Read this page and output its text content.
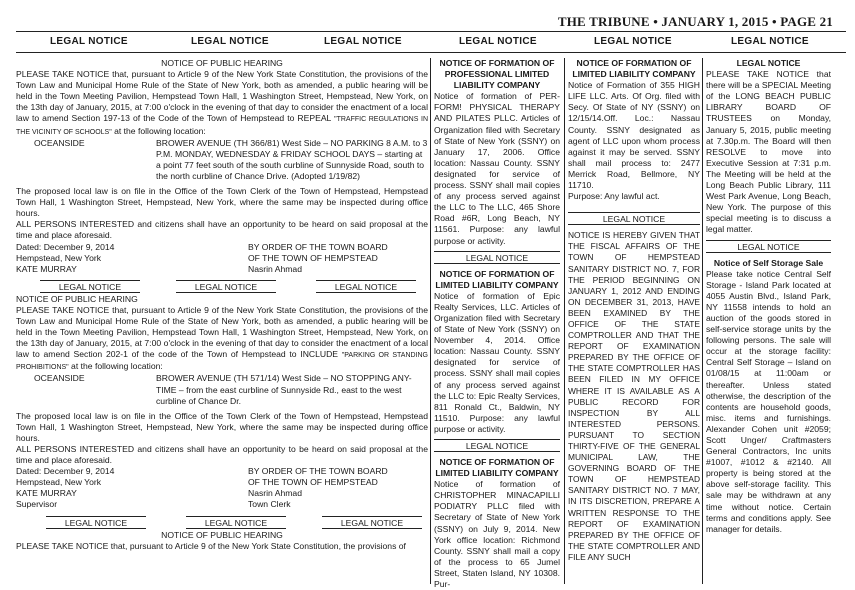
THE TRIBUNE • JANUARY 1, 2015 • PAGE 21
LEGAL NOTICE	LEGAL NOTICE	LEGAL NOTICE	LEGAL NOTICE	LEGAL NOTICE	LEGAL NOTICE

NOTICE OF PUBLIC HEARING

PLEASE TAKE NOTICE that, pursuant to Article 9 of the New York State Constitution, the provisions of the Town Law and Municipal Home Rule of the State of New York, both as amended, a public hearing will be held in the Town Meeting Pavilion, Hempstead Town Hall, 1 Washington Street, Hempstead, New York, on the 13th day of January, 2015, at 7:00 o'clock in the evening of that day to consider the enactment of a local law to amend Section 197-13 of the Code of the Town of Hempstead to REPEAL "TRAFFIC REGULATIONS IN THE VICINITY OF SCHOOLS" at the following location:

OCEANSIDE	BROWER AVENUE (TH 366/81) West Side – NO PARKING 8 A.M. to 3 P.M. MONDAY, WEDNESDAY & FRIDAY SCHOOL DAYS – starting at a point 77 feet south of the south curbline of Sunnyside Road, south to the north curbline of Chance Drive. (Adopted 1/19/82)

The proposed local law is on file in the Office of the Town Clerk of the Town of Hempstead, Hempstead Town Hall, 1 Washington Street, Hempstead, New York, where the same may be inspected during office hours.

ALL PERSONS INTERESTED and citizens shall have an opportunity to be heard on said proposal at the time and place aforesaid.

Dated: December 9, 2014
Hempstead, New York
KATE MURRAY
BY ORDER OF THE TOWN BOARD
OF THE TOWN OF HEMPSTEAD
Nasrin Ahmad
LEGAL NOTICE	LEGAL NOTICE	LEGAL NOTICE

NOTICE OF PUBLIC HEARING

PLEASE TAKE NOTICE that, pursuant to Article 9 of the New York State Constitution, the provisions of the Town Law and Municipal Home Rule of the State of New York, both as amended, a public hearing will be held in the Town Meeting Pavilion, Hempstead Town Hall, 1 Washington Street, Hempstead, New York, on the 13th day of January, 2015, at 7:00 o'clock in the evening of that day to consider the enactment of a local law to amend Section 202-1 of the code of the Town of Hempstead to INCLUDE "PARKING OR STANDING PROHIBITIONS" at the following location:

OCEANSIDE	BROWER AVENUE (TH 571/14) West Side – NO STOPPING ANY-TIME – from the east curbline of Sunnyside Rd., east to the west curbline of Chance Dr.

The proposed local law is on file in the Office of the Town Clerk of the Town of Hempstead, Hempstead Town Hall, 1 Washington Street, Hempstead, New York, where the same may be inspected during office hours.

ALL PERSONS INTERESTED and citizens shall have an opportunity to be heard on said proposal at the time and place aforesaid.

Dated: December 9, 2014
Hempstead, New York
KATE MURRAY
Supervisor
BY ORDER OF THE TOWN BOARD
OF THE TOWN OF HEMPSTEAD
Nasrin Ahmad
Town Clerk
LEGAL NOTICE	LEGAL NOTICE	LEGAL NOTICE

NOTICE OF PUBLIC HEARING

PLEASE TAKE NOTICE that, pursuant to Article 9 of the New York State Constitution, the provisions of

NOTICE OF FORMATION OF PROFESSIONAL LIMITED LIABILITY COMPANY

Notice of formation of PER-FORM! PHYSICAL THERAPY AND PILATES PLLC. Articles of Organization filed with Secretary of State of New York (SSNY) on January 17, 2006. Office location: Nassau County. SSNY designated for service of process. SSNY shall mail copies of any process served against the LLC to The LLC, 465 Shore Road #6R, Long Beach, NY 11561. Purpose: any lawful purpose or activity.

LEGAL NOTICE

NOTICE OF FORMATION OF LIMITED LIABILITY COMPANY

Notice of formation of Epic Realty Services, LLC. Articles of Organization filed with Secretary of State of New York (SSNY) on November 4, 2014. Office location: Nassau County. SSNY designated for service of process. SSNY shall mail copies of any process served against the LLC to: Epic Realty Services, 811 Ronald Ct., Baldwin, NY 11510. Purpose: any lawful purpose or activity.

LEGAL NOTICE

NOTICE OF FORMATION OF LIMITED LIABILITY COMPANY

Notice of formation of CHRISTOPHER MINACAPILLI PODIATRY PLLC filed with Secretary of State of New York (SSNY) on July 9, 2014. New York office location: Richmond County. SSNY shall mail a copy of the process to 65 Jumel Street, Staten Island, NY 10308. Pur-

NOTICE OF FORMATION OF LIMITED LIABILITY COMPANY

Notice of Formation of 355 HIGH LIFE LLC. Arts. Of Org. filed with Secy. Of State of NY (SSNY) on 12/15/14.Off. Loc.: Nassau County. SSNY designated as agent of LLC upon whom process against it may be served. SSNY shall mail process to: 2477 Merrick Road, Bellmore, NY 11710.

Purpose: Any lawful act.

LEGAL NOTICE

NOTICE IS HEREBY GIVEN THAT THE FISCAL AFFAIRS OF THE TOWN OF HEMPSTEAD SANITARY DISTRICT NO. 7, FOR THE PERIOD BEGINNING ON JANUARY 1, 2012 AND ENDING ON DECEMBER 31, 2013, HAVE BEEN EXAMINED BY THE OFFICE OF THE STATE COMPTROLLER AND THAT THE REPORT OF EXAMINATION PREPARED BY THE OFFICE OF THE STATE COMPTROLLER HAS BEEN FILED IN MY OFFICE WHERE IT IS AVAILABLE AS A PUBLIC RECORD FOR INSPECTION BY ALL INTERESTED PERSONS. PURSUANT TO SECTION THIRTY-FIVE OF THE GENERAL MUNICIPAL LAW, THE GOVERNING BOARD OF THE TOWN OF HEMPSTEAD SANITARY DISTRICT NO. 7 MAY, IN ITS DISCRETION, PREPARE A WRITTEN RESPONSE TO THE REPORT OF EXAMINATION PREPARED BY THE OFFICE OF THE STATE COMPTROLLER AND FILE ANY SUCH

LEGAL NOTICE

PLEASE TAKE NOTICE that there will be a SPECIAL Meeting of the LONG BEACH PUBLIC LIBRARY BOARD OF TRUSTEES on Monday, January 5, 2015, public meeting at 7.30p.m. The Board will then RESOLVE to move into Executive Session at 7:31 p.m. The Meeting will be held at the Long Beach Public Library, 111 West Park Avenue, Long Beach, New York. The purpose of this special meeting is to discuss a legal matter.

LEGAL NOTICE

Notice of Self Storage Sale

Please take notice Central Self Storage - Island Park located at 4055 Austin Blvd., Island Park, NY 11558 intends to hold an auction of the goods stored in self-service storage units by the following persons. The sale will occur at the storage facility: Central Self Storage – Island on 01/08/15 at 11:00am or thereafter. Unless stated otherwise, the description of the contents are household goods, misc. items and furnishings. Alexander Cohen unit #2059; Scott Unger/ Craftmasters General Contractors, Inc units #1007, #1012 & #2140. All property is being stored at the above self-storage facility. This sale may be withdrawn at any time without notice. Certain terms and conditions apply. See manager for details.
